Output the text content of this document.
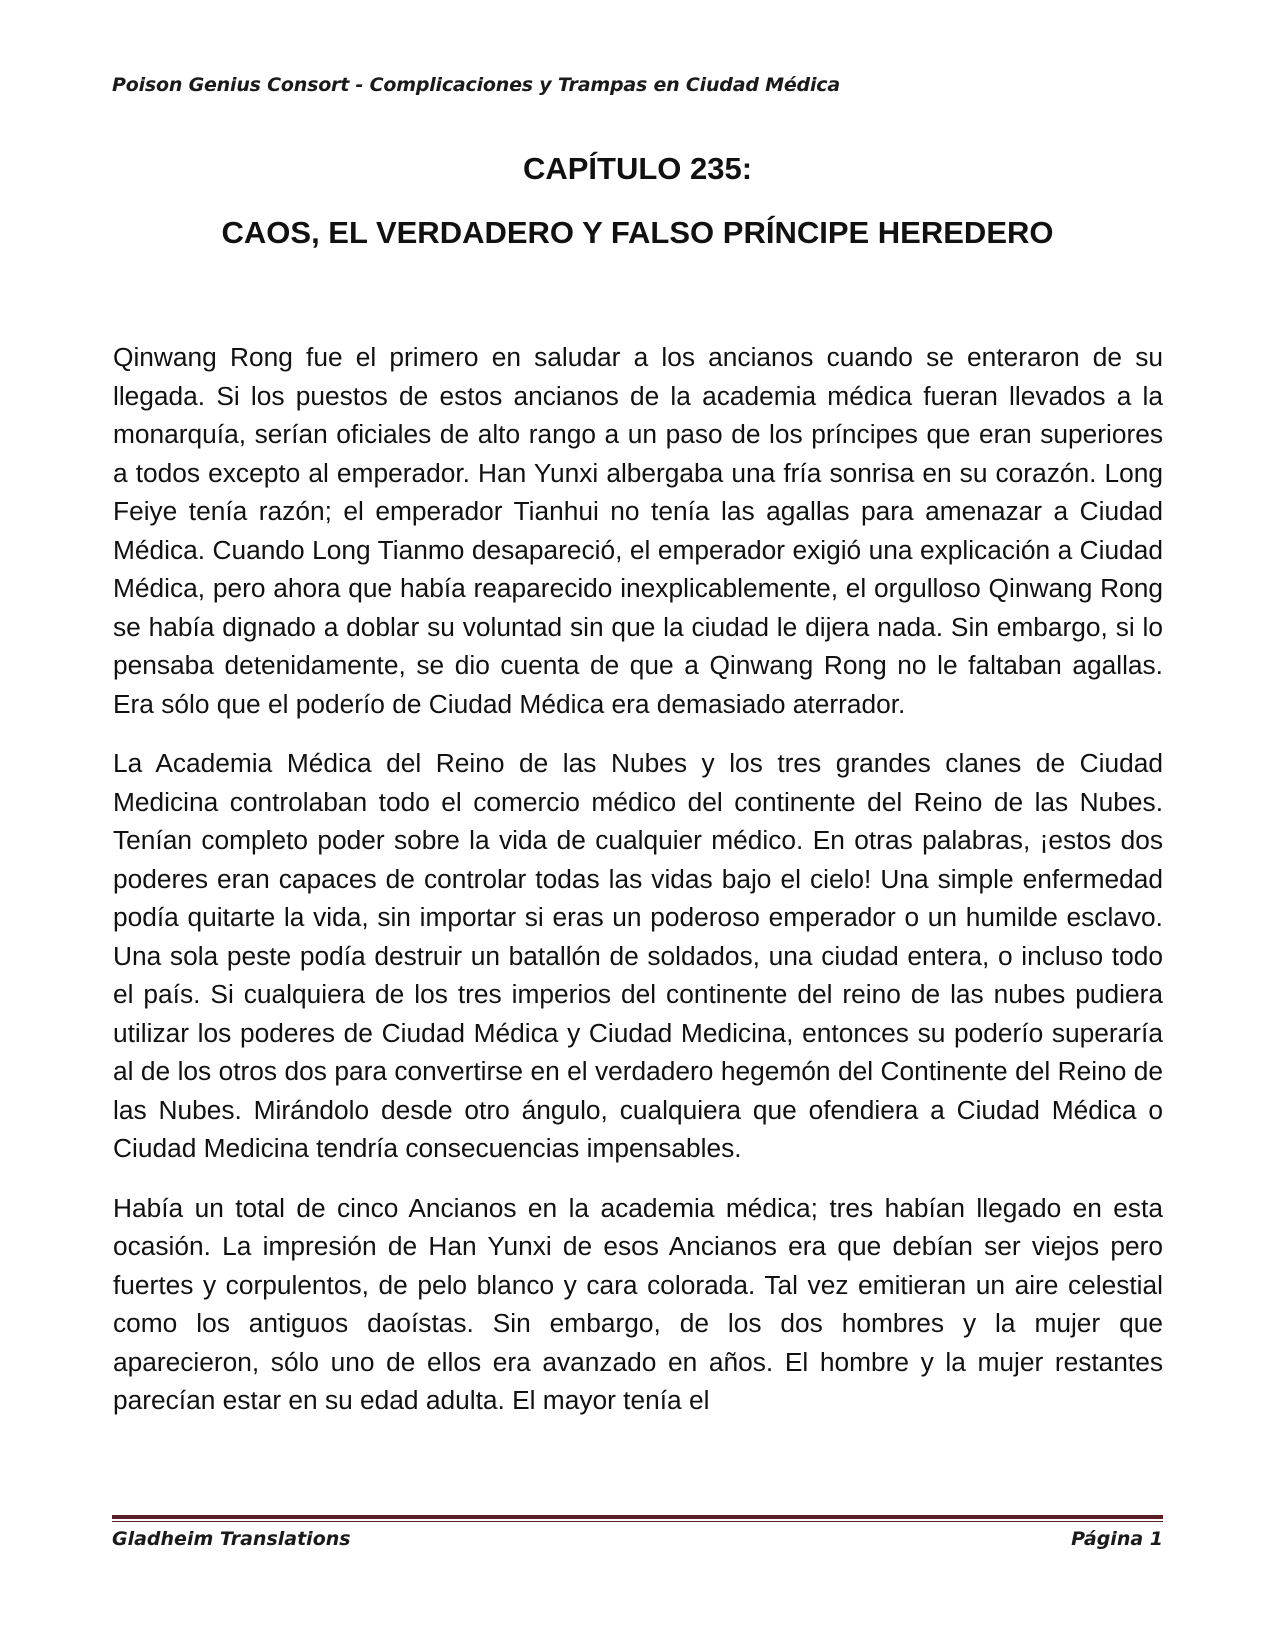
Poison Genius Consort - Complicaciones y Trampas en Ciudad Médica
CAPÍTULO 235:
CAOS, EL VERDADERO Y FALSO PRÍNCIPE HEREDERO

Qinwang Rong fue el primero en saludar a los ancianos cuando se enteraron de su llegada. Si los puestos de estos ancianos de la academia médica fueran llevados a la monarquía, serían oficiales de alto rango a un paso de los príncipes que eran superiores a todos excepto al emperador. Han Yunxi albergaba una fría sonrisa en su corazón. Long Feiye tenía razón; el emperador Tianhui no tenía las agallas para amenazar a Ciudad Médica. Cuando Long Tianmo desapareció, el emperador exigió una explicación a Ciudad Médica, pero ahora que había reaparecido inexplicablemente, el orgulloso Qinwang Rong se había dignado a doblar su voluntad sin que la ciudad le dijera nada. Sin embargo, si lo pensaba detenidamente, se dio cuenta de que a Qinwang Rong no le faltaban agallas. Era sólo que el poderío de Ciudad Médica era demasiado aterrador.

La Academia Médica del Reino de las Nubes y los tres grandes clanes de Ciudad Medicina controlaban todo el comercio médico del continente del Reino de las Nubes. Tenían completo poder sobre la vida de cualquier médico. En otras palabras, ¡estos dos poderes eran capaces de controlar todas las vidas bajo el cielo! Una simple enfermedad podía quitarte la vida, sin importar si eras un poderoso emperador o un humilde esclavo. Una sola peste podía destruir un batallón de soldados, una ciudad entera, o incluso todo el país. Si cualquiera de los tres imperios del continente del reino de las nubes pudiera utilizar los poderes de Ciudad Médica y Ciudad Medicina, entonces su poderío superaría al de los otros dos para convertirse en el verdadero hegemón del Continente del Reino de las Nubes. Mirándolo desde otro ángulo, cualquiera que ofendiera a Ciudad Médica o Ciudad Medicina tendría consecuencias impensables.

Había un total de cinco Ancianos en la academia médica; tres habían llegado en esta ocasión. La impresión de Han Yunxi de esos Ancianos era que debían ser viejos pero fuertes y corpulentos, de pelo blanco y cara colorada. Tal vez emitieran un aire celestial como los antiguos daoístas. Sin embargo, de los dos hombres y la mujer que aparecieron, sólo uno de ellos era avanzado en años. El hombre y la mujer restantes parecían estar en su edad adulta. El mayor tenía el

Gladheim Translations	Página 1
